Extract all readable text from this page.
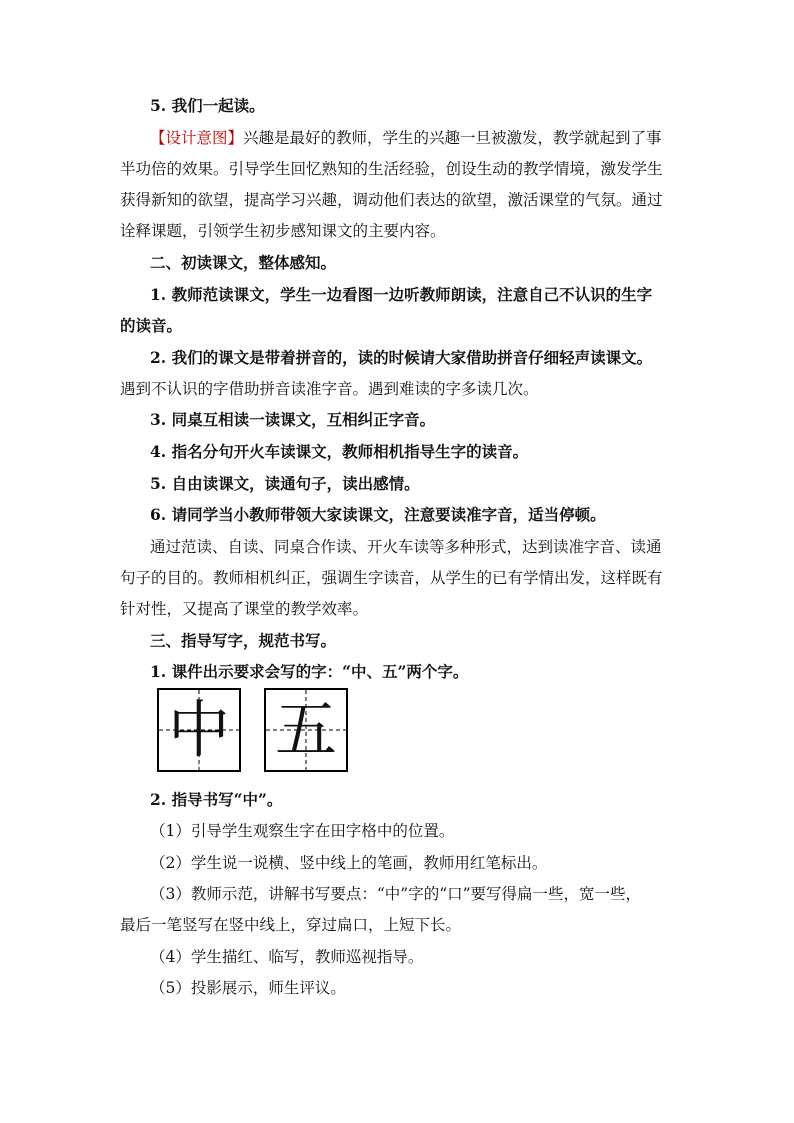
5. 我们一起读。
【设计意图】兴趣是最好的教师，学生的兴趣一旦被激发，教学就起到了事
半功倍的效果。引导学生回忆熟知的生活经验，创设生动的教学情境，激发学生
获得新知的欲望，提高学习兴趣，调动他们表达的欲望，激活课堂的气氛。通过
诠释课题，引领学生初步感知课文的主要内容。
二、初读课文，整体感知。
1. 教师范读课文，学生一边看图一边听教师朗读，注意自己不认识的生字
的读音。
2. 我们的课文是带着拼音的，读的时候请大家借助拼音仔细轻声读课文。
遇到不认识的字借助拼音读准字音。遇到难读的字多读几次。
3. 同桌互相读一读课文，互相纠正字音。
4. 指名分句开火车读课文，教师相机指导生字的读音。
5. 自由读课文，读通句子，读出感情。
6. 请同学当小教师带领大家读课文，注意要读准字音，适当停顿。
通过范读、自读、同桌合作读、开火车读等多种形式，达到读准字音、读通
句子的目的。教师相机纠正，强调生字读音，从学生的已有学情出发，这样既有
针对性，又提高了课堂的教学效率。
三、指导写字，规范书写。
1. 课件出示要求会写的字：“中、五”两个字。
中 五
2. 指导书写“中”。
（1）引导学生观察生字在田字格中的位置。
（2）学生说一说横、竖中线上的笔画，教师用红笔标出。
（3）教师示范，讲解书写要点：“中”字的“口”要写得扁一些，宽一些，
最后一笔竖写在竖中线上，穿过扁口，上短下长。
（4）学生描红、临写，教师巡视指导。
（5）投影展示，师生评议。
